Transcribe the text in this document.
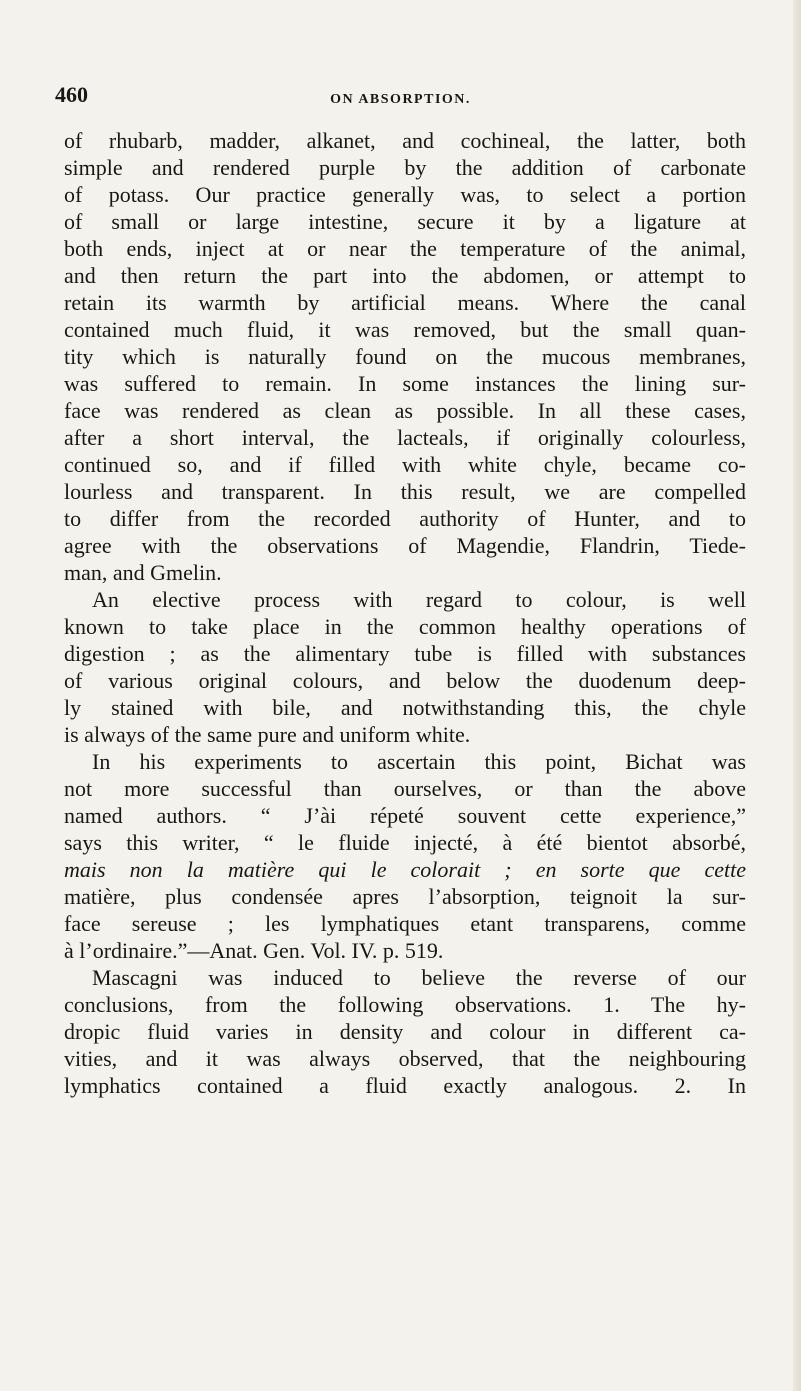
460	ON ABSORPTION.
of rhubarb, madder, alkanet, and cochineal, the latter, both
simple and rendered purple by the addition of carbonate
of potass. Our practice generally was, to select a portion
of small or large intestine, secure it by a ligature at
both ends, inject at or near the temperature of the animal,
and then return the part into the abdomen, or attempt to
retain its warmth by artificial means. Where the canal
contained much fluid, it was removed, but the small quan-
tity which is naturally found on the mucous membranes,
was suffered to remain. In some instances the lining sur-
face was rendered as clean as possible. In all these cases,
after a short interval, the lacteals, if originally colourless,
continued so, and if filled with white chyle, became co-
lourless and transparent. In this result, we are compelled
to differ from the recorded authority of Hunter, and to
agree with the observations of Magendie, Flandrin, Tiede-
man, and Gmelin.
An elective process with regard to colour, is well
known to take place in the common healthy operations of
digestion ; as the alimentary tube is filled with substances
of various original colours, and below the duodenum deep-
ly stained with bile, and notwithstanding this, the chyle
is always of the same pure and uniform white.
In his experiments to ascertain this point, Bichat was
not more successful than ourselves, or than the above
named authors. “ J’ài répeté souvent cette experience,”
says this writer, “ le fluide injecté, à été bientot absorbé,
mais non la matière qui le colorait ; en sorte que cette
matière, plus condensée apres l’absorption, teignoit la sur-
face sereuse ; les lymphatiques etant transparens, comme
à l’ordinaire.”—Anat. Gen. Vol. IV. p. 519.
Mascagni was induced to believe the reverse of our
conclusions, from the following observations. 1. The hy-
dropic fluid varies in density and colour in different ca-
vities, and it was always observed, that the neighbouring
lymphatics contained a fluid exactly analogous. 2. In
